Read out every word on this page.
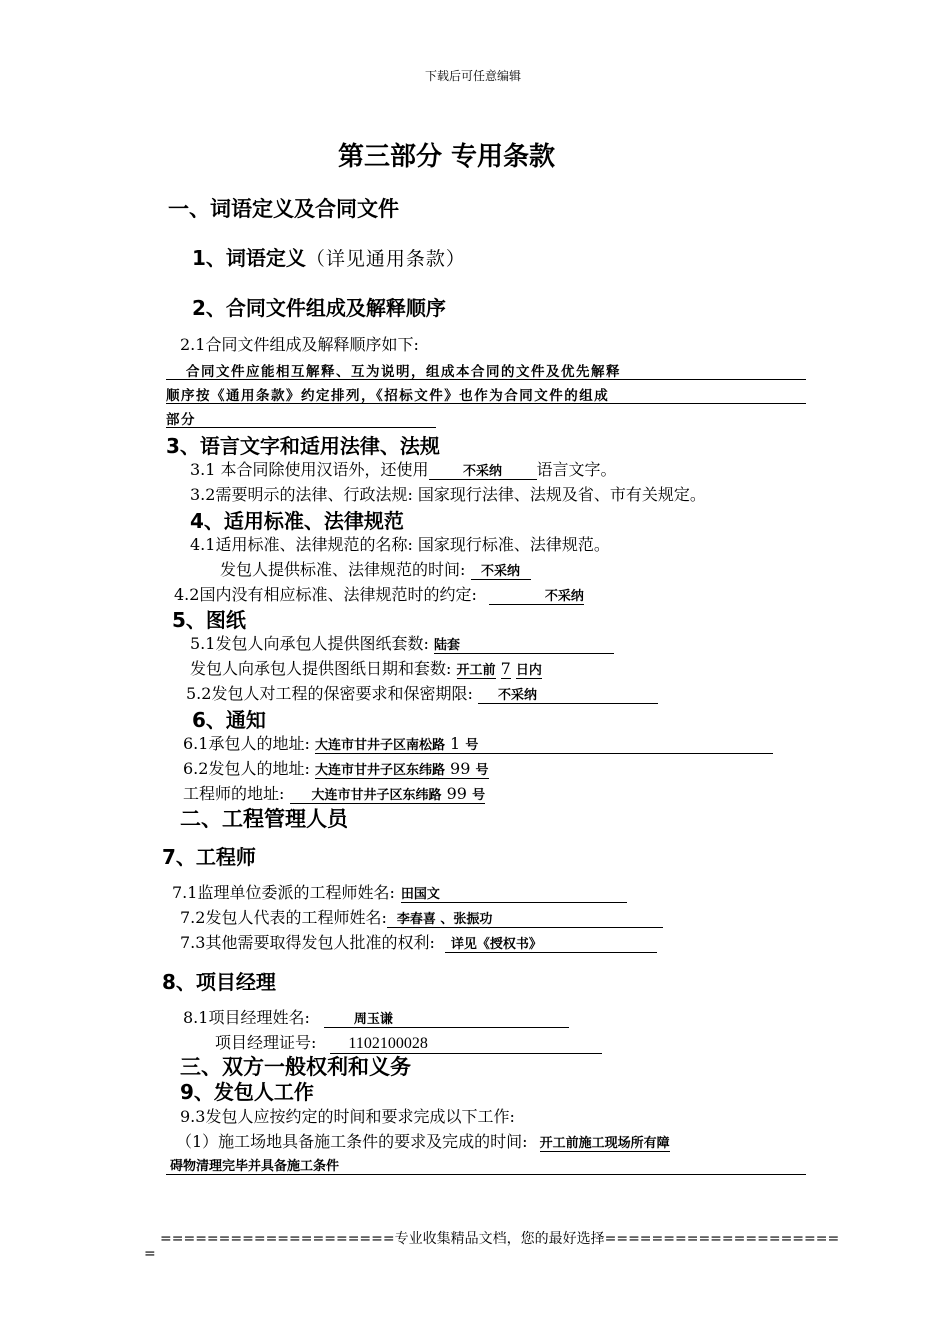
下载后可任意编辑
第三部分 专用条款
一、词语定义及合同文件
1、词语定义（详见通用条款）
2、合同文件组成及解释顺序
2.1合同文件组成及解释顺序如下:
合同文件应能相互解释、互为说明，组成本合同的文件及优先解释
顺序按《通用条款》约定排列，《招标文件》也作为合同文件的组成
部分
3、语言文字和适用法律、法规
3.1 本合同除使用汉语外，还使用	不采纳 语言文字。
3.2需要明示的法律、行政法规: 国家现行法律、法规及省、市有关规定。
4、适用标准、法律规范
4.1适用标准、法律规范的名称: 国家现行标准、法律规范。
发包人提供标准、法律规范的时间: 不采纳
4.2国内没有相应标准、法律规范时的约定:	不采纳
5、图纸
5.1发包人向承包人提供图纸套数: 陆套
发包人向承包人提供图纸日期和套数: 开工前 7 日内
5.2发包人对工程的保密要求和保密期限: 不采纳
6、通知
6.1承包人的地址: 大连市甘井子区南松路 1 号
6.2发包人的地址: 大连市甘井子区东纬路 99 号
工程师的地址: 大连市甘井子区东纬路 99 号
二、工程管理人员
7、工程师
7.1监理单位委派的工程师姓名: 田国文
7.2发包人代表的工程师姓名: 李春喜 、张振功
7.3其他需要取得发包人批准的权利: 详见《授权书》
8、项目经理
8.1项目经理姓名:	周玉谦
项目经理证号: 1102100028
三、双方一般权利和义务
9、发包人工作
9.3发包人应按约定的时间和要求完成以下工作:
（1）施工场地具备施工条件的要求及完成的时间: 开工前施工现场所有障
碍物清理完毕并具备施工条件
====================专业收集精品文档，您的最好选择====================
=
